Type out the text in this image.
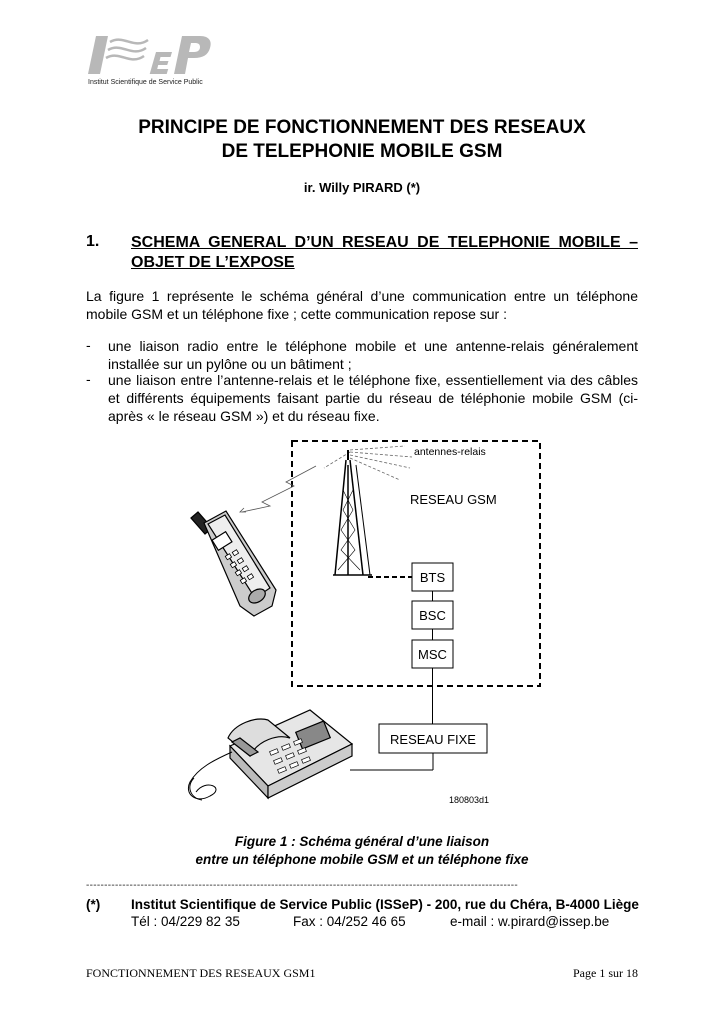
Institut Scientifique de Service Public
PRINCIPE DE FONCTIONNEMENT DES RESEAUX
DE TELEPHONIE MOBILE GSM
ir. Willy PIRARD (*)
1. SCHEMA GENERAL D’UN RESEAU DE TELEPHONIE MOBILE – OBJET DE L’EXPOSE
La figure 1 représente le schéma général d’une communication entre un téléphone mobile GSM et un téléphone fixe ; cette communication repose sur :
- une liaison radio entre le téléphone mobile et une antenne-relais généralement installée sur un pylône ou un bâtiment ;
- une liaison entre l’antenne-relais et le téléphone fixe, essentiellement via des câbles et différents équipements faisant partie du réseau de téléphonie mobile GSM (ci-après « le réseau GSM ») et du réseau fixe.
antennes-relais
RESEAU GSM
BTS
BSC
MSC
RESEAU FIXE
180803d1
Figure 1 : Schéma général d’une liaison
entre un téléphone mobile GSM et un téléphone fixe
-----------------------------------------------------------------------------------------------------------------------
(*) Institut Scientifique de Service Public (ISSeP) - 200, rue du Chéra, B-4000 Liège
Tél : 04/229 82 35	Fax : 04/252 46 65	e-mail : w.pirard@issep.be
FONCTIONNEMENT DES RESEAUX GSM1	Page 1 sur 18
